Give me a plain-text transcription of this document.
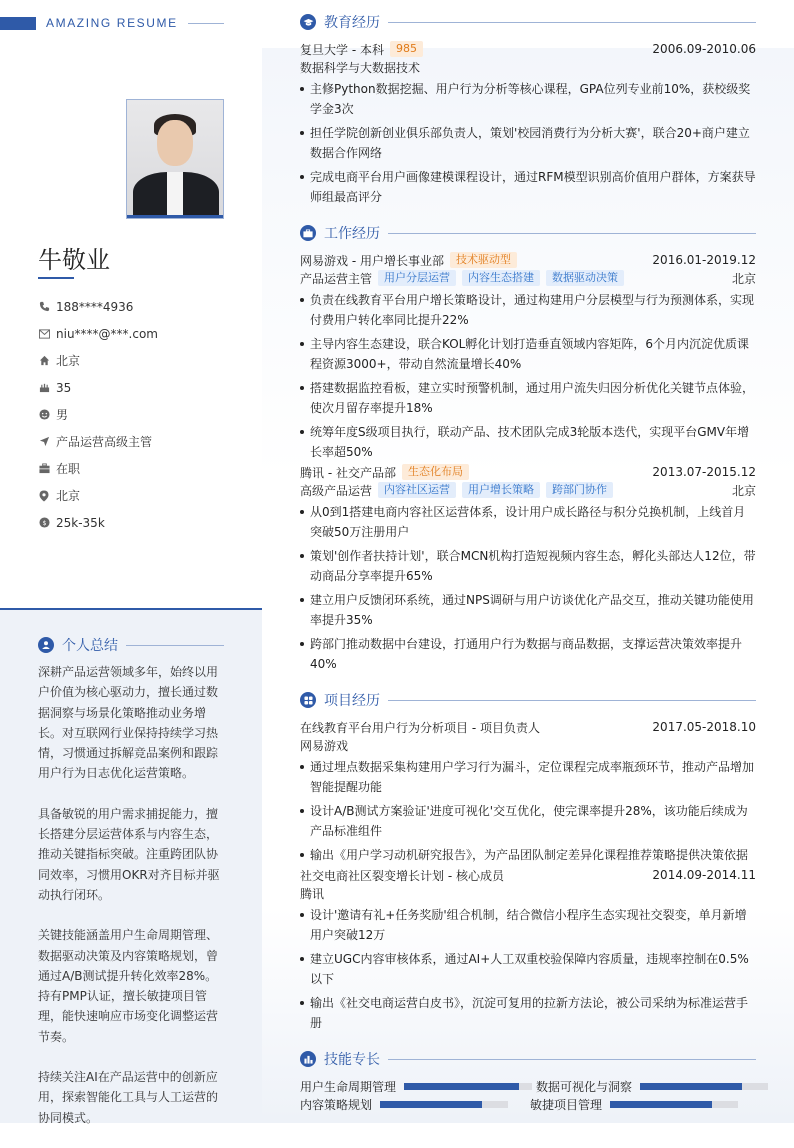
AMAZING RESUME
牛敬业
188****4936
niu****@***.com
北京
35
男
产品运营高级主管
在职
北京
$ 25k-35k
个人总结

深耕产品运营领域多年，始终以用户价值为核心驱动力，擅长通过数据洞察与场景化策略推动业务增长。对互联网行业保持持续学习热情，习惯通过拆解竞品案例和跟踪用户行为日志优化运营策略。

具备敏锐的用户需求捕捉能力，擅长搭建分层运营体系与内容生态，推动关键指标突破。注重跨团队协同效率，习惯用OKR对齐目标并驱动执行闭环。

关键技能涵盖用户生命周期管理、数据驱动决策及内容策略规划，曾通过A/B测试提升转化效率28%。持有PMP认证，擅长敏捷项目管理，能快速响应市场变化调整运营节奏。

持续关注AI在产品运营中的创新应用，探索智能化工具与人工运营的协同模式。

教育经历
复旦大学 - 本科	985	2006.09-2010.06
数据科学与大数据技术
主修Python数据挖掘、用户行为分析等核心课程，GPA位列专业前10%，获校级奖学金3次
担任学院创新创业俱乐部负责人，策划'校园消费行为分析大赛'，联合20+商户建立数据合作网络
完成电商平台用户画像建模课程设计，通过RFM模型识别高价值用户群体，方案获导师组最高评分
工作经历
网易游戏 - 用户增长事业部	技术驱动型	2016.01-2019.12
产品运营主管	用户分层运营	内容生态搭建	数据驱动决策	北京
负责在线教育平台用户增长策略设计，通过构建用户分层模型与行为预测体系，实现付费用户转化率同比提升22%
主导内容生态建设，联合KOL孵化计划打造垂直领域内容矩阵，6个月内沉淀优质课程资源3000+，带动自然流量增长40%
搭建数据监控看板，建立实时预警机制，通过用户流失归因分析优化关键节点体验，使次月留存率提升18%
统筹年度S级项目执行，联动产品、技术团队完成3轮版本迭代，实现平台GMV年增长率超50%
腾讯 - 社交产品部	生态化布局	2013.07-2015.12
高级产品运营	内容社区运营	用户增长策略	跨部门协作	北京
从0到1搭建电商内容社区运营体系，设计用户成长路径与积分兑换机制，上线首月突破50万注册用户
策划'创作者扶持计划'，联合MCN机构打造短视频内容生态，孵化头部达人12位，带动商品分享率提升65%
建立用户反馈闭环系统，通过NPS调研与用户访谈优化产品交互，推动关键功能使用率提升35%
跨部门推动数据中台建设，打通用户行为数据与商品数据，支撑运营决策效率提升40%
项目经历
在线教育平台用户行为分析项目 - 项目负责人	2017.05-2018.10
网易游戏
通过埋点数据采集构建用户学习行为漏斗，定位课程完成率瓶颈环节，推动产品增加智能提醒功能
设计A/B测试方案验证'进度可视化'交互优化，使完课率提升28%，该功能后续成为产品标准组件
输出《用户学习动机研究报告》，为产品团队制定差异化课程推荐策略提供决策依据
社交电商社区裂变增长计划 - 核心成员	2014.09-2014.11
腾讯
设计'邀请有礼+任务奖励'组合机制，结合微信小程序生态实现社交裂变，单月新增用户突破12万
建立UGC内容审核体系，通过AI+人工双重校验保障内容质量，违规率控制在0.5%以下
输出《社交电商运营白皮书》，沉淀可复用的拉新方法论，被公司采纳为标准运营手册
技能专长
用户生命周期管理	数据可视化与洞察
内容策略规划	敏捷项目管理
